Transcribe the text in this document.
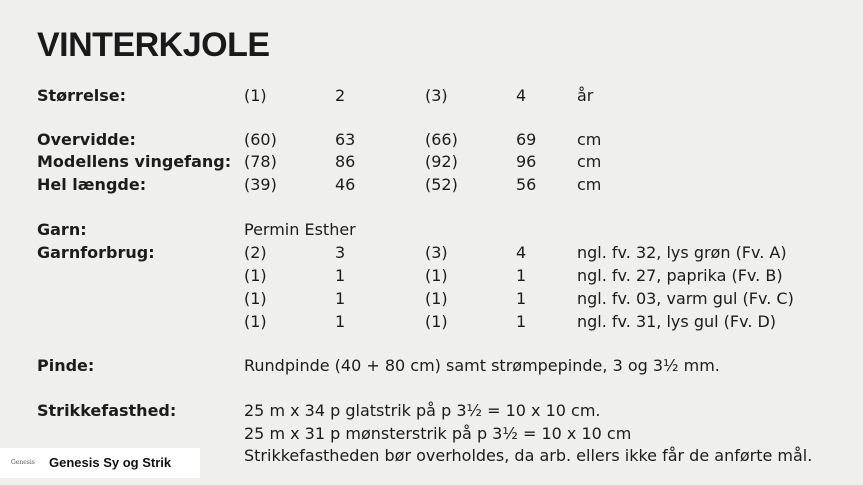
VINTERKJOLE
Størrelse:	(1)	2	(3)	4	år
Overvidde:	(60)	63	(66)	69	cm
Modellens vingefang: (78)	86	(92)	96	cm
Hel længde:	(39)	46	(52)	56	cm
Garn:	Permin Esther
Garnforbrug:	(2)	3	(3)	4	ngl. fv. 32, lys grøn (Fv. A)
(1)	1	(1)	1	ngl. fv. 27, paprika (Fv. B)
(1)	1	(1)	1	ngl. fv. 03, varm gul (Fv. C)
(1)	1	(1)	1	ngl. fv. 31, lys gul (Fv. D)
Pinde:	Rundpinde (40 + 80 cm) samt strømpepinde, 3 og 3½ mm.
Strikkefasthed:	25 m x 34 p glatstrik på p 3½ = 10 x 10 cm.
25 m x 31 p mønsterstrik på p 3½ = 10 x 10 cm
Strikkefastheden bør overholdes, da arb. ellers ikke får de anførte mål.
Genesis Genesis Sy og Strik
